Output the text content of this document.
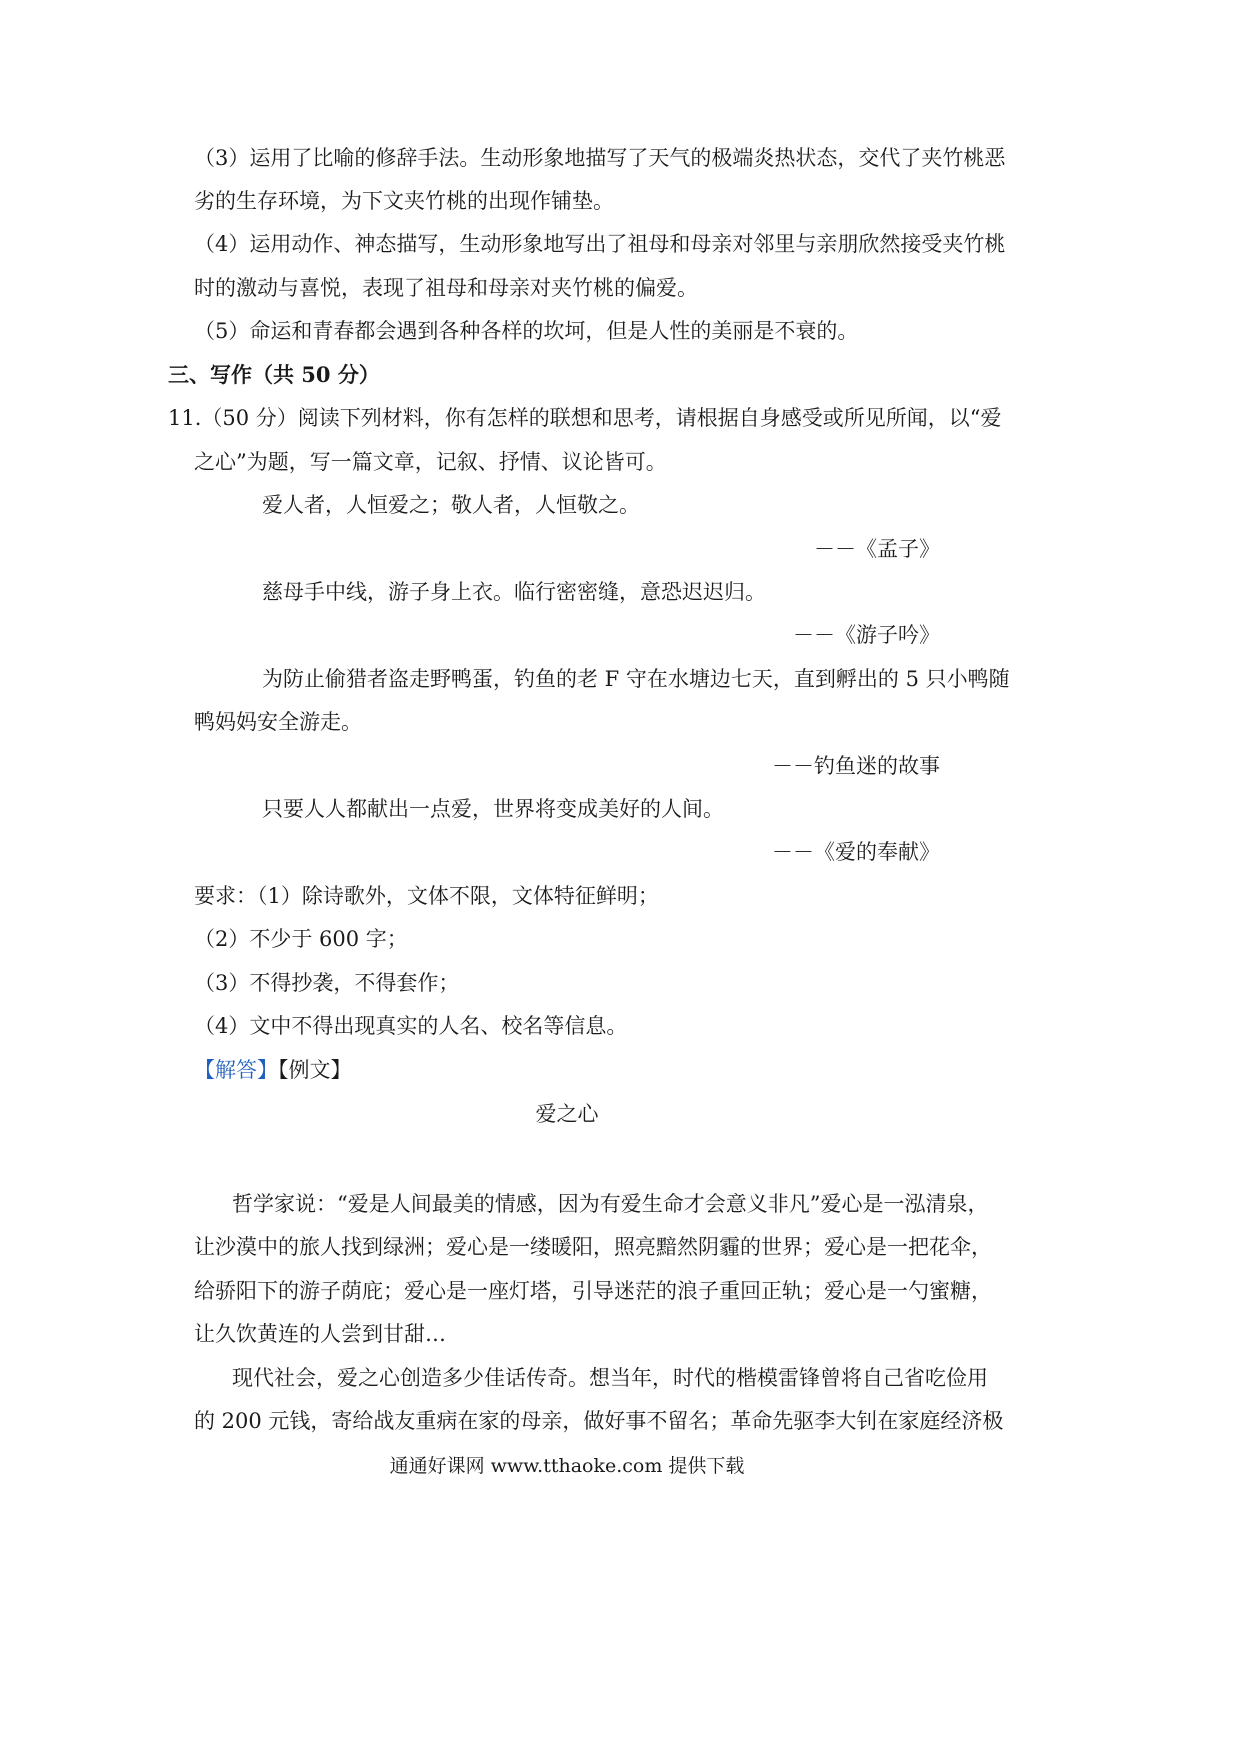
（3）运用了比喻的修辞手法。生动形象地描写了天气的极端炎热状态，交代了夹竹桃恶
劣的生存环境，为下文夹竹桃的出现作铺垫。
（4）运用动作、神态描写，生动形象地写出了祖母和母亲对邻里与亲朋欣然接受夹竹桃
时的激动与喜悦，表现了祖母和母亲对夹竹桃的偏爱。
（5）命运和青春都会遇到各种各样的坎坷，但是人性的美丽是不衰的。
三、写作（共 50 分）
11.（50 分）阅读下列材料，你有怎样的联想和思考，请根据自身感受或所见所闻，以“爱
之心”为题，写一篇文章，记叙、抒情、议论皆可。
爱人者，人恒爱之；敬人者，人恒敬之。
－－《孟子》
慈母手中线，游子身上衣。临行密密缝，意恐迟迟归。
－－《游子吟》
为防止偷猎者盗走野鸭蛋，钓鱼的老 F 守在水塘边七天，直到孵出的 5 只小鸭随
鸭妈妈安全游走。
－－钓鱼迷的故事
只要人人都献出一点爱，世界将变成美好的人间。
－－《爱的奉献》
要求：（1）除诗歌外，文体不限，文体特征鲜明；
（2）不少于 600 字；
（3）不得抄袭，不得套作；
（4）文中不得出现真实的人名、校名等信息。
【解答】【例文】
爱之心
哲学家说：“爱是人间最美的情感，因为有爱生命才会意义非凡”爱心是一泓清泉，
让沙漠中的旅人找到绿洲；爱心是一缕暖阳，照亮黯然阴霾的世界；爱心是一把花伞，
给骄阳下的游子荫庇；爱心是一座灯塔，引导迷茫的浪子重回正轨；爱心是一勺蜜糖，
让久饮黄连的人尝到甘甜…
现代社会，爱之心创造多少佳话传奇。想当年，时代的楷模雷锋曾将自己省吃俭用
的 200 元钱，寄给战友重病在家的母亲，做好事不留名；革命先驱李大钊在家庭经济极
通通好课网 www.tthaoke.com 提供下载
